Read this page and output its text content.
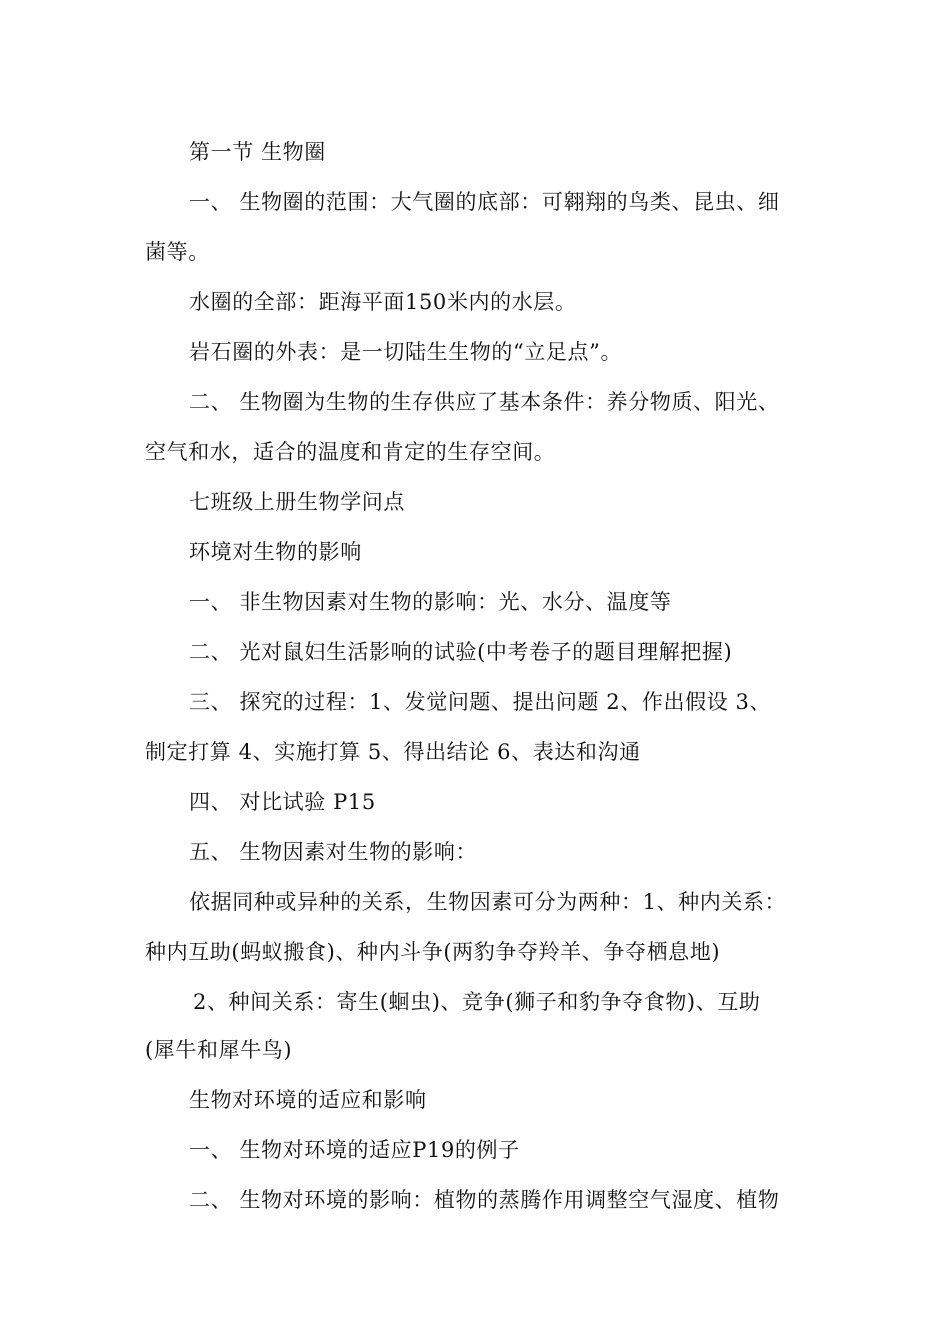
第一节 生物圈
一、 生物圈的范围：大气圈的底部：可翱翔的鸟类、昆虫、细
菌等。
水圈的全部：距海平面150米内的水层。
岩石圈的外表：是一切陆生生物的“立足点”。
二、 生物圈为生物的生存供应了基本条件：养分物质、阳光、
空气和水，适合的温度和肯定的生存空间。
七班级上册生物学问点
环境对生物的影响
一、 非生物因素对生物的影响：光、水分、温度等
二、 光对鼠妇生活影响的试验(中考卷子的题目理解把握)
三、 探究的过程：1、发觉问题、提出问题 2、作出假设 3、
制定打算 4、实施打算 5、得出结论 6、表达和沟通
四、 对比试验 P15
五、 生物因素对生物的影响：
依据同种或异种的关系，生物因素可分为两种：1、种内关系：
种内互助(蚂蚁搬食)、种内斗争(两豹争夺羚羊、争夺栖息地)
2、种间关系：寄生(蛔虫)、竞争(狮子和豹争夺食物)、互助
(犀牛和犀牛鸟)
生物对环境的适应和影响
一、 生物对环境的适应P19的例子
二、 生物对环境的影响：植物的蒸腾作用调整空气湿度、植物
